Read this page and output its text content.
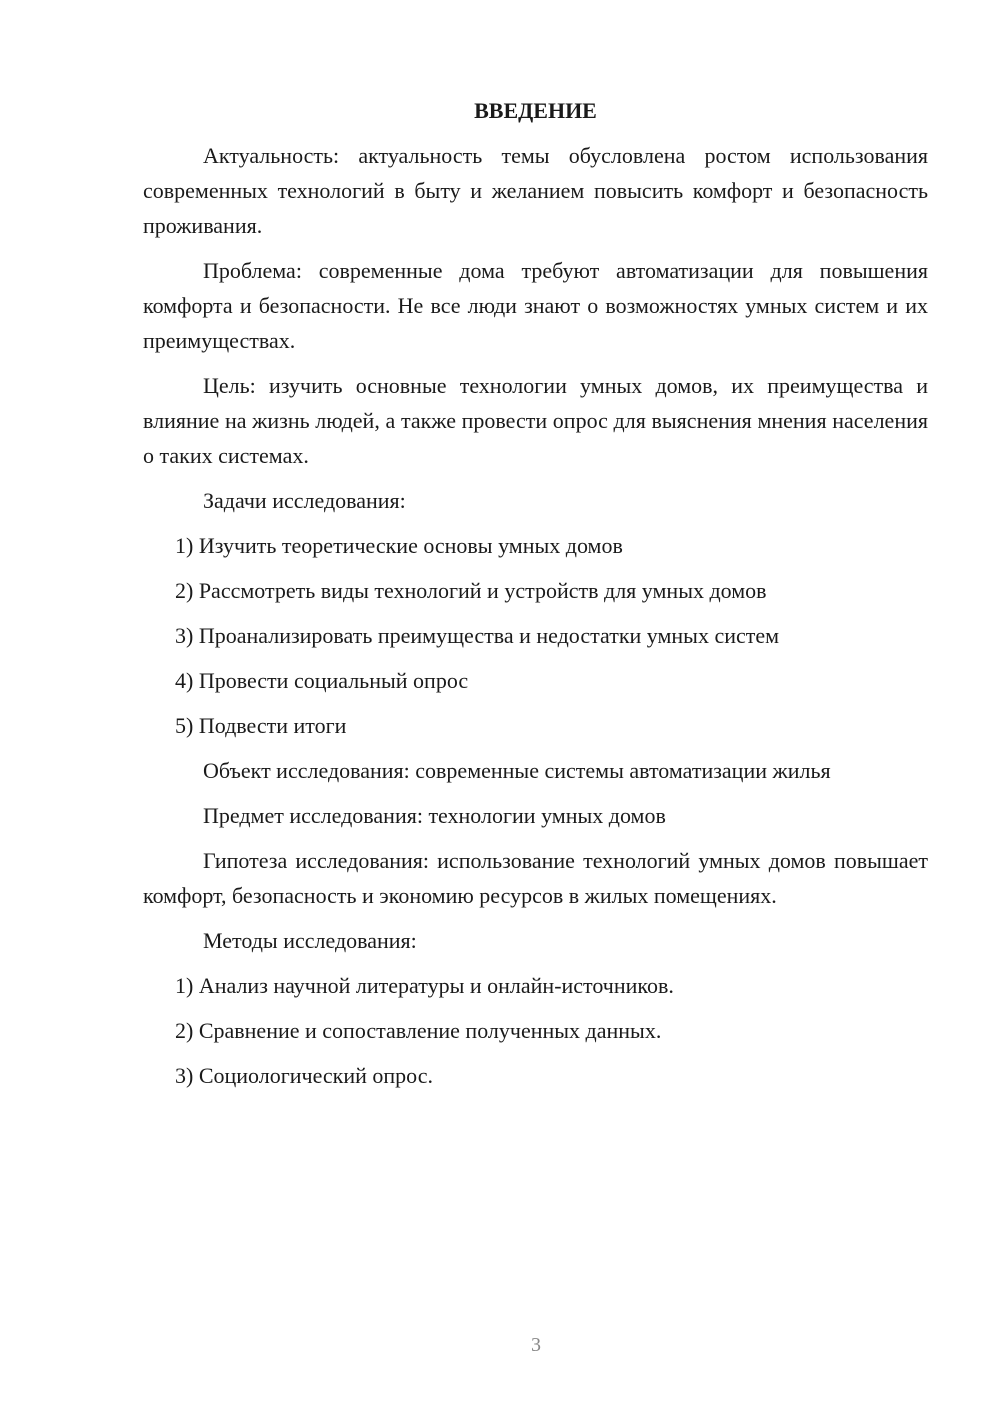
ВВЕДЕНИЕ

Актуальность: актуальность темы обусловлена ростом использования современных технологий в быту и желанием повысить комфорт и безопасность проживания.

Проблема: современные дома требуют автоматизации для повышения комфорта и безопасности. Не все люди знают о возможностях умных систем и их преимуществах.

Цель: изучить основные технологии умных домов, их преимущества и влияние на жизнь людей, а также провести опрос для выяснения мнения населения о таких системах.

Задачи исследования:

1) Изучить теоретические основы умных домов

2) Рассмотреть виды технологий и устройств для умных домов

3) Проанализировать преимущества и недостатки умных систем

4) Провести социальный опрос

5) Подвести итоги

Объект исследования: современные системы автоматизации жилья

Предмет исследования: технологии умных домов

Гипотеза исследования: использование технологий умных домов повышает комфорт, безопасность и экономию ресурсов в жилых помещениях.

Методы исследования:

1) Анализ научной литературы и онлайн-источников.

2) Сравнение и сопоставление полученных данных.

3) Социологический опрос.

3
